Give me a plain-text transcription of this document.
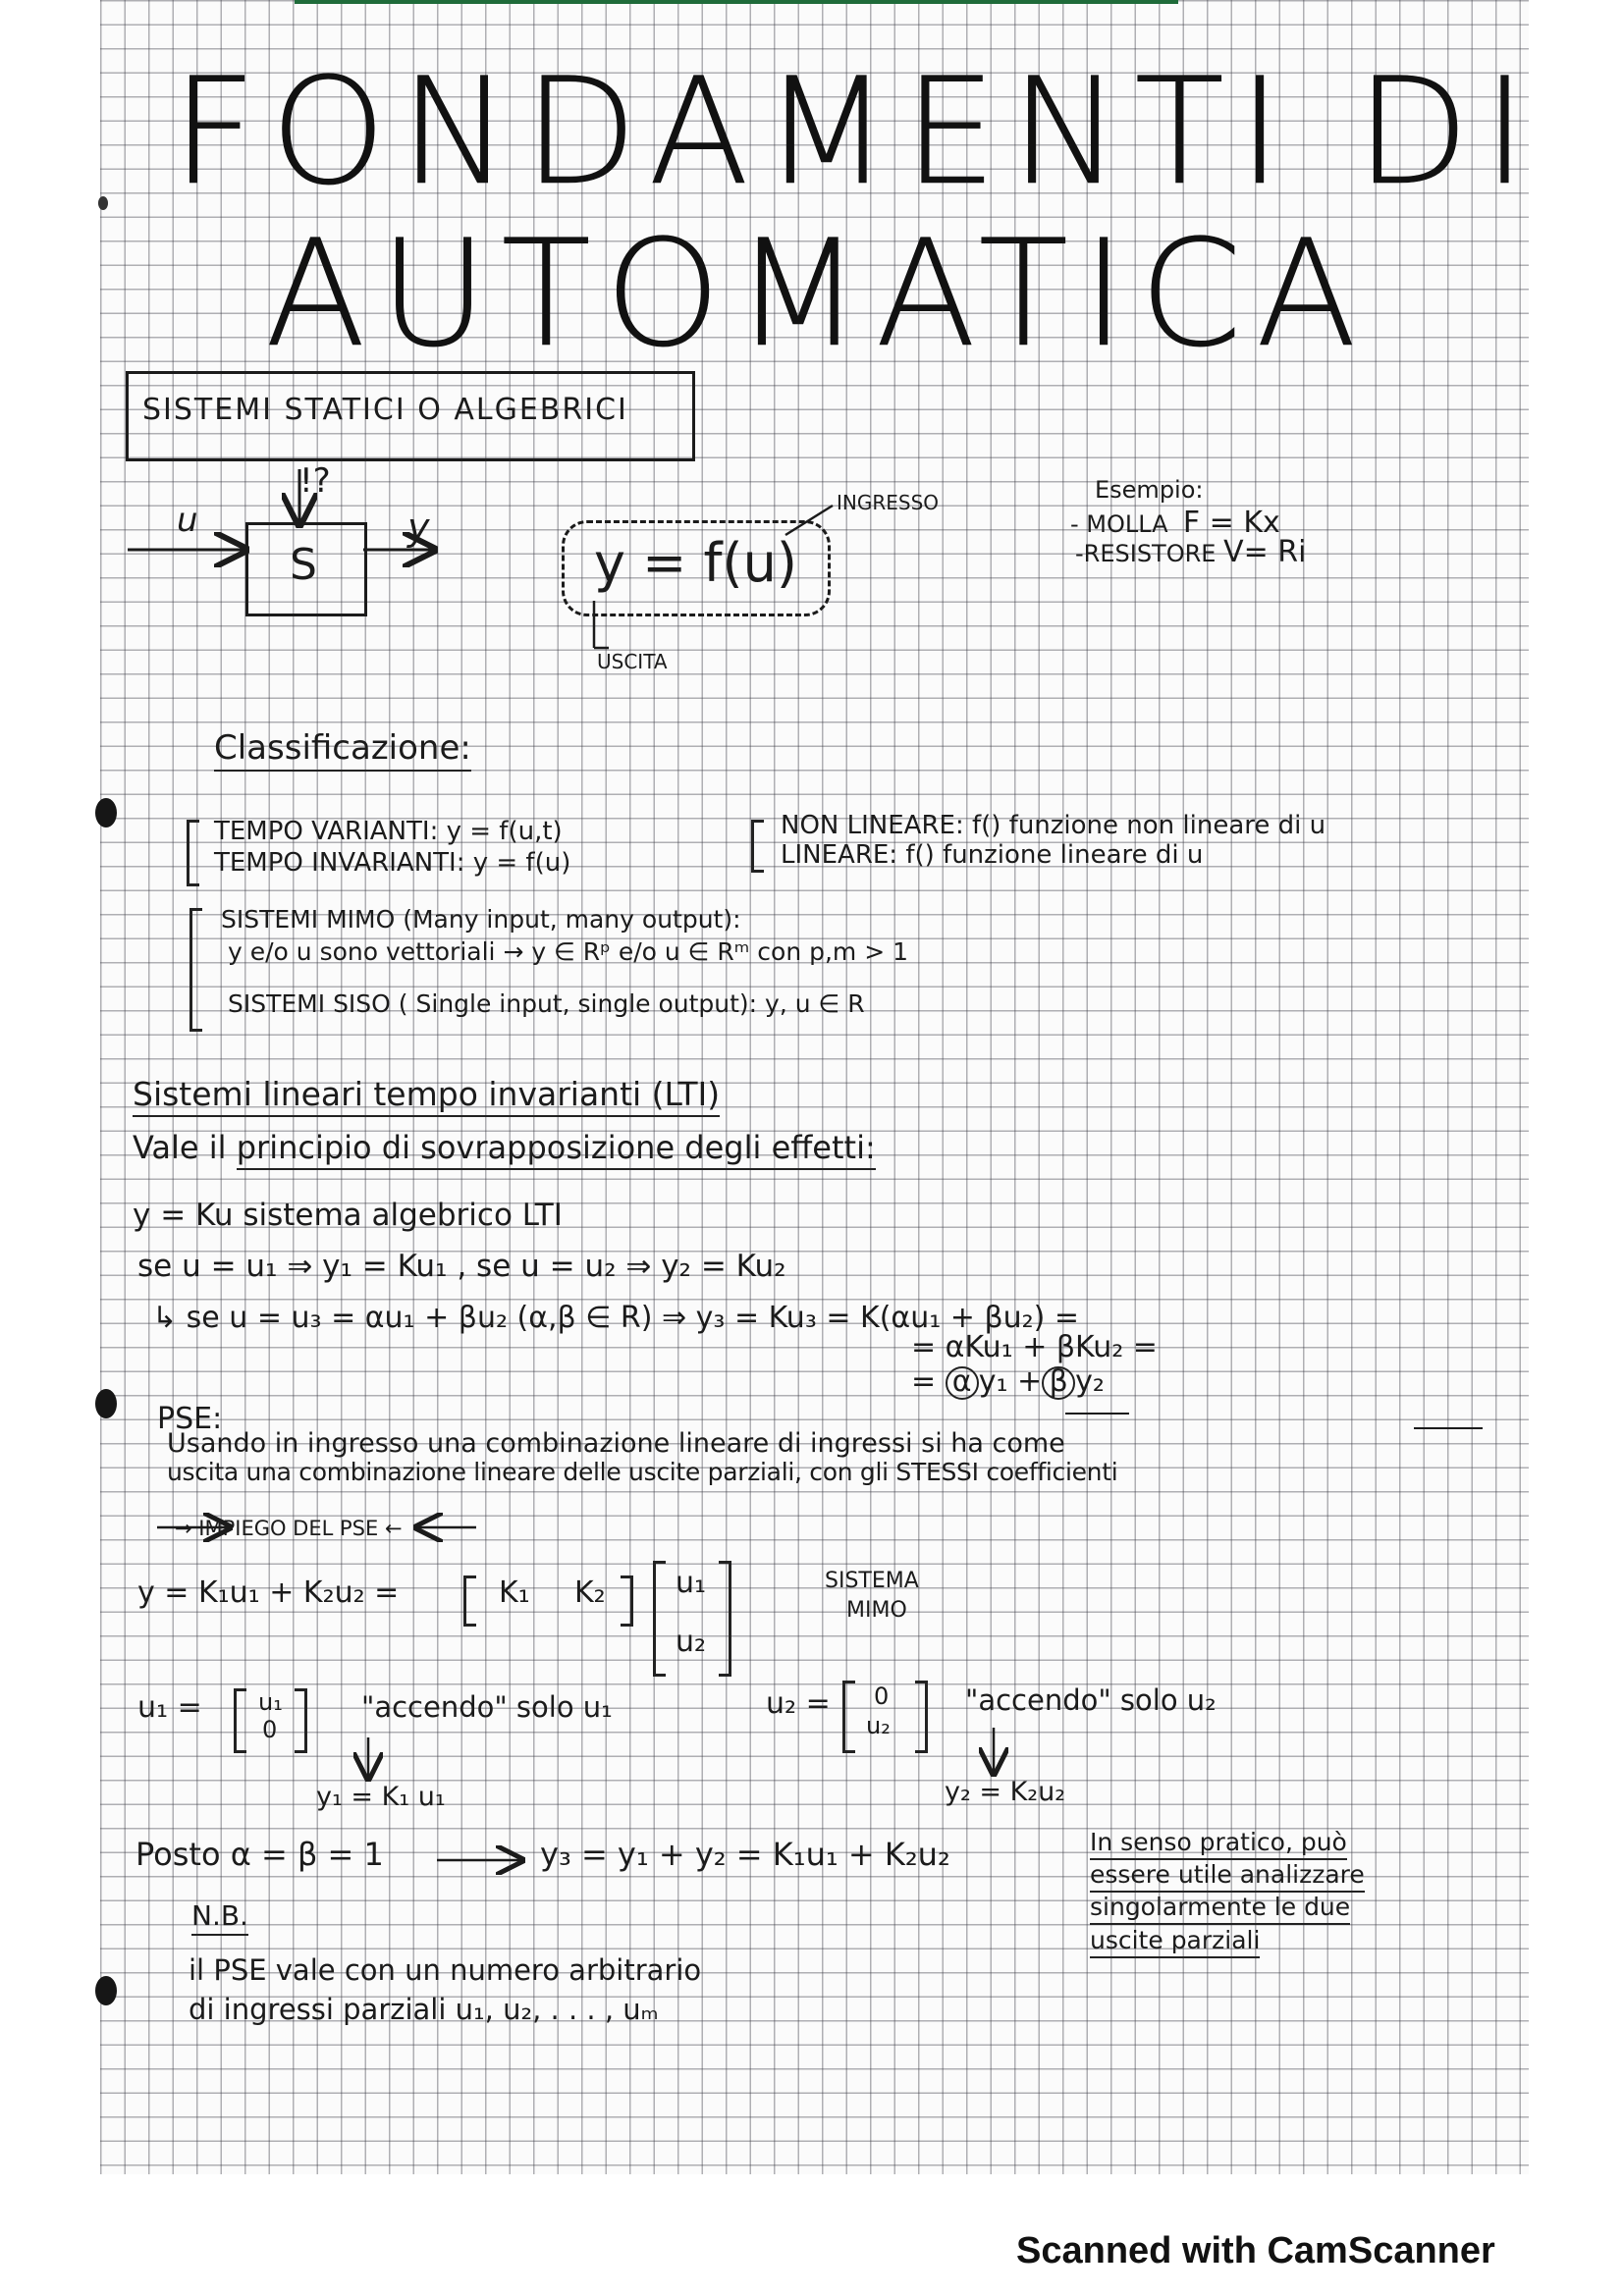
FONDAMENTI DI
AUTOMATICA
SISTEMI STATICI O ALGEBRICI
!?
u
S
y
y = f(u)
INGRESSO
USCITA
Esempio:
- MOLLA F = Kx
-RESISTORE V= Ri
Classificazione:
TEMPO VARIANTI: y = f(u,t)
TEMPO INVARIANTI: y = f(u)
NON LINEARE: f() funzione non lineare di u
LINEARE: f() funzione lineare di u
SISTEMI MIMO (Many input, many output):
y e/o u sono vettoriali → y ∈ Rᵖ e/o u ∈ Rᵐ con p,m > 1
SISTEMI SISO ( Single input, single output): y, u ∈ R
Sistemi lineari tempo invarianti (LTI)
Vale il principio di sovrapposizione degli effetti:
y = Ku sistema algebrico LTI
se u = u₁ ⇒ y₁ = Ku₁ , se u = u₂ ⇒ y₂ = Ku₂
↳ se u = u₃ = αu₁ + βu₂ (α,β ∈ R) ⇒ y₃ = Ku₃ = K(αu₁ + βu₂) =
= αKu₁ + βKu₂ =
= α y₁ + β y₂
PSE:
Usando in ingresso una combinazione lineare di ingressi si ha come
uscita una combinazione lineare delle uscite parziali, con gli STESSI coefficienti
→ IMPIEGO DEL PSE ←
y = K₁u₁ + K₂u₂ =	K₁ K₂ u₁
u₂
SISTEMA
MIMO
u₁ = u₁
0
"accendo" solo u₁
y₁ = K₁ u₁
u₂ = 0
u₂
"accendo" solo u₂
y₂ = K₂u₂
Posto α = β = 1	y₃ = y₁ + y₂ = K₁u₁ + K₂u₂	In senso pratico, può
essere utile analizzare
singolarmente le due
uscite parziali
N.B.
il PSE vale con un numero arbitrario
di ingressi parziali u₁, u₂, . . . , uₘ
Scanned with CamScanner
